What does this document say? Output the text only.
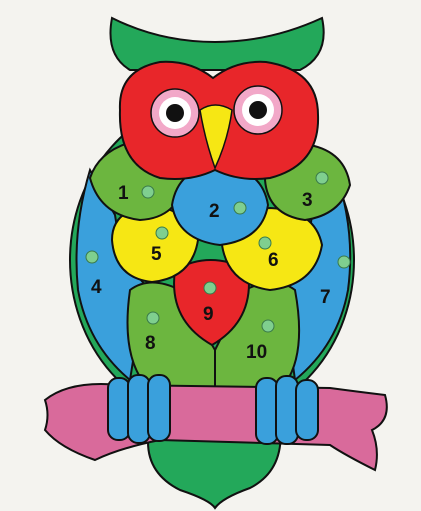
1
2
3
4
5	6
7
8
9
10
